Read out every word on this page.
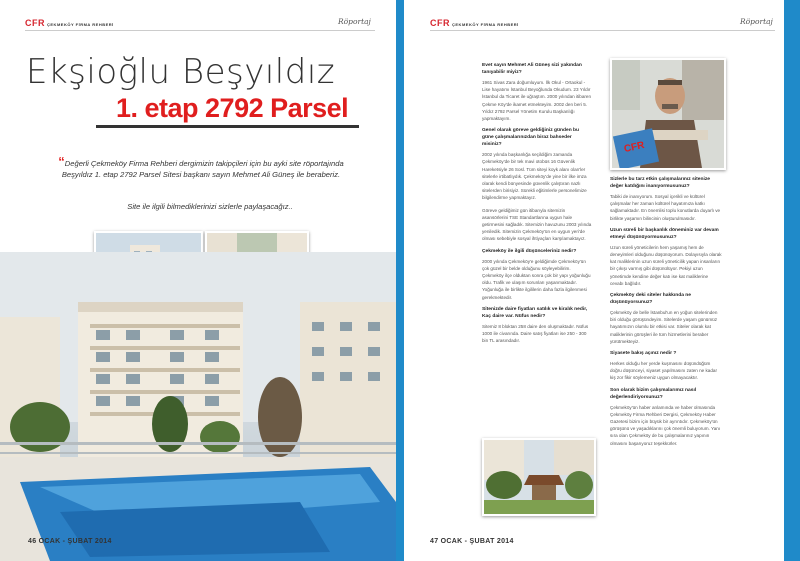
CFR ÇEKMEKÖY FİRMA REHBERİ	Röportaj
Ekşioğlu Beşyıldız
1. etap 2792 Parsel
“Değerli Çekmeköy Firma Rehberi dergimizin takipçileri için bu ayki site röportajında Beşyıldız 1. etap 2792 Parsel Sitesi başkanı sayın Mehmet Ali Güneş ile beraberiz.
Site ile ilgili bilmediklerinizi sizlerle paylaşacağız..
46 OCAK - ŞUBAT 2014
CFR ÇEKMEKÖY FİRMA REHBERİ	Röportaj
Evet sayın Mehmet Ali Güneş sizi yakından tanıyabilir miyiz?

1961 Sivas Zara doğumluyum. İlk Okul - Ortaokul - Lise hayatımı İstanbul Beyoğlunda Okudum. 23 Yıldır İstanbul da Ticaret ile uğraştım. 2000 yılından itibaren Çekme Köy'de ikamet etmekteyim. 2002 den beri 5. Yıldız 2792 Parsel Yönetim Kurulu Başkanlığı yapmaktayım.

Genel olarak göreve geldiğiniz günden bu güne çalışmalarınızdan biraz bahseder misiniz?

2002 yılında başkanlığa seçildiğim zamanda Çekmeköy'de bir tek mavi otobüs 16 Güvenlik Hareketsiyle 26 Sosl. Tüm siteyi koyk alanı olan'ler sitelerle irtibatlıydık. Çekmeköy'de yine bir ilke imza olarak kendi bünyesinde güvenlik çalıştıran nazlı sitelerden birisiyiz. Sürekli eğitimlerle personelimize bilgilendirme yapmaktayız.

Göreve geldiğimiz gün itibarıyla sitemizin asansörlerini TSE Standartlarına uygun hale getirmesini sağladık. Sitemizin havuzunu 2003 yılında yeniledik. Sitemizin Çekmeköy'ün en uygun yeri'de olması sebebiyle sosyal ihtiyaçları karşılamaktayız.

Çekmeköy ile ilgili düşünceleriniz nedir?

2000 yılında Çekmeköy'e geldiğimde Çekmeköy'ün çok güzel bir belde olduğunu söyleyebilirim. Çekmeköy ilçe olduktan sonra çok bir yapı yoğunluğu oldu. Trafik ve ulaşım sorunları yaşanmaktadır. Yoğunluğa ile birlikte ilgililerin daha fazla ilgilenmesi gerekmektedir.

Sitenizde daire fiyatları satılık ve kiralık nedir, Kaç daire var. Nüfus nedir?

Sitemiz 8 bloktan 258 daire den oluşmaktadır. Nüfus 1000 ile civarında. Daire satış fiyatları ise 250 - 300 bin TL arasındadır.

CFR
Sizlerle bu tarz etkin çalışmalarınız sitenize değer katdığını inanıyormusunuz?

Tabiki de inanıyorum. Sosyal içerikli ve kültürel çalışmalar her zaman kültürel hayatımıza katkı sağlamaktadır. En önemlisi toplu konutlarda duyarlı ve birlikte yaşamın bilincinin oluşturulmasıdır.

Uzun süreli bir başkanlık döneminiz var devam etmeyi düşünüyormusunuz?

Uzun süreli yöneticilerin hem yaşamış hem de deneyimleri olduğunu düşünüyorum. Dolayısıyla olarak kat maliklerinin uzun süreli yöneticilik yapan insanların bir çıkışı varmış gibi düşünülüyor. Pekiyi uzun yönetimde kendine değer katı ise kat maliklerine cevabı bağlıdır.

Çekmeköy deki siteler hakkında ne düşünüyorsunuz?

Çekmeköy de belle İstanbul'un en yoğun sitelerinden biri olduğu görüşündeyim. Sitelerde yaşam günümüz hayatımızın olumlu bir etkisi var. Siteler olarak kat maliklerinin görüşleri ile tüm hizmetlerini beraber yürütmekteyiz.

Siyasete bakış açınız nedir ?

Herkes olduğu her yerde kuşmasını düşündüğüm doğru düşünceyi, siyaset yapılmasını zaten ne kadar kiş zor fikir söylemeniz uygun olmayacaktır.

Son olarak bizim çalışmalarımız nasıl değerlendiriyorsunuz?

Çekmeköy'ün haber anlamında ve haber olmasında Çekmeköy Firma Rehberi Dergisi, Çekmeköy Haber Gazetesi bizim için büyük bir ayrıntıdır. Çekmeköy'ün görüşünü ve yaşadıklarını çok önemli buluyorum. Yanı sıra olan Çekmeköy de bu çalışmalarınız yapının olmasını başarıyoruz teşekkürler.

47 OCAK - ŞUBAT 2014
